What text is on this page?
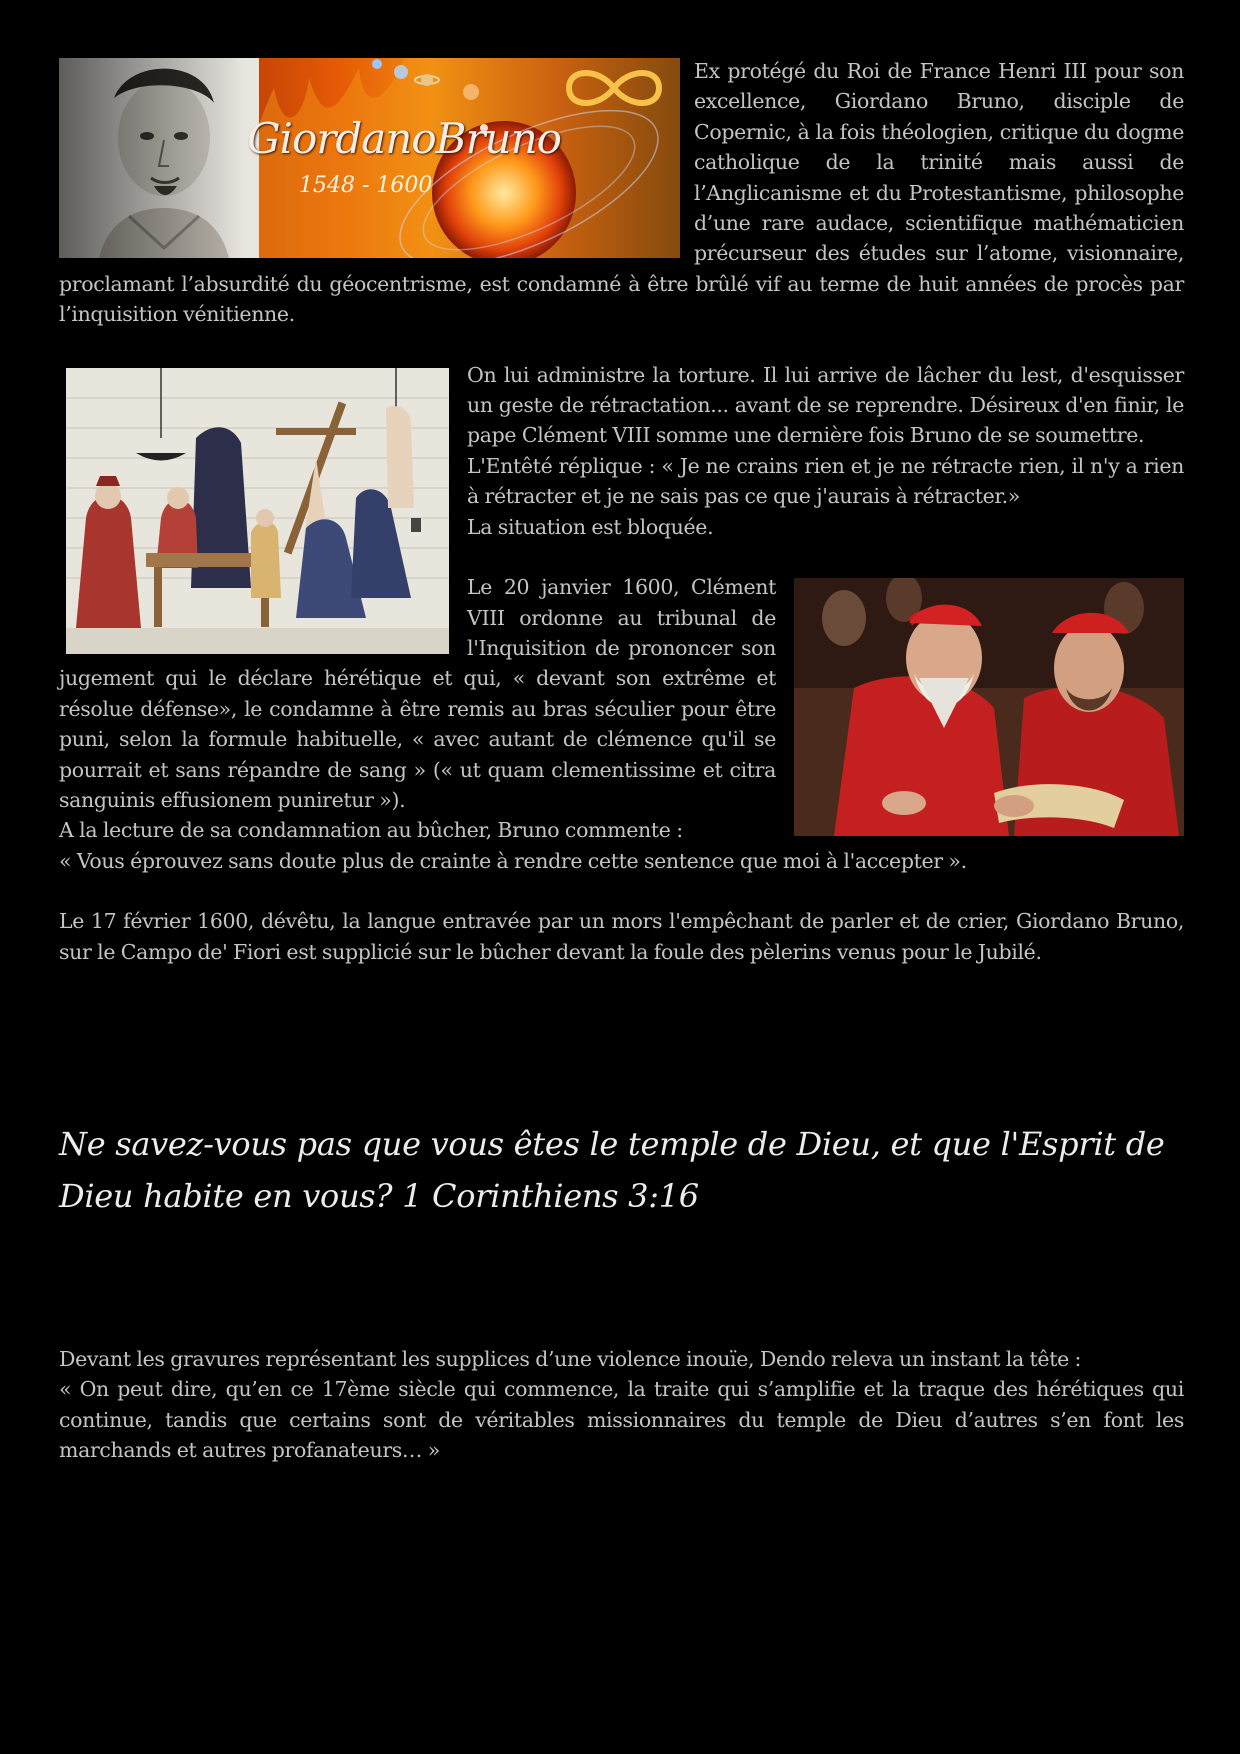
GiordanoBruno
1548 - 1600

Ex protégé du Roi de France Henri III pour son excellence, Giordano Bruno, disciple de Copernic, à la fois théologien, critique du dogme catholique de la trinité mais aussi de l’Anglicanisme et du Protestantisme, philosophe d’une rare audace, scientifique mathématicien précurseur des études sur l’atome, visionnaire, proclamant l’absurdité du géocentrisme, est condamné à être brûlé vif au terme de huit années de procès par l’inquisition vénitienne.

On lui administre la torture. Il lui arrive de lâcher du lest, d'esquisser un geste de rétractation... avant de se reprendre. Désireux d'en finir, le pape Clément VIII somme une dernière fois Bruno de se soumettre.

L'Entêté réplique : « Je ne crains rien et je ne rétracte rien, il n'y a rien à rétracter et je ne sais pas ce que j'aurais à rétracter.»

La situation est bloquée.

Le 20 janvier 1600, Clément VIII ordonne au tribunal de l'Inquisition de prononcer son jugement qui le déclare hérétique et qui, « devant son extrême et résolue défense», le condamne à être remis au bras séculier pour être puni, selon la formule habituelle, « avec autant de clémence qu'il se pourrait et sans répandre de sang » (« ut quam clementissime et citra sanguinis effusionem puniretur »).

A la lecture de sa condamnation au bûcher, Bruno commente :

« Vous éprouvez sans doute plus de crainte à rendre cette sentence que moi à l'accepter ».

Le 17 février 1600, dévêtu, la langue entravée par un mors l'empêchant de parler et de crier, Giordano Bruno, sur le Campo de' Fiori est supplicié sur le bûcher devant la foule des pèlerins venus pour le Jubilé.

Ne savez-vous pas que vous êtes le temple de Dieu, et que l'Esprit de Dieu habite en vous? 1 Corinthiens 3:16

Devant les gravures représentant les supplices d’une violence inouïe, Dendo releva un instant la tête :

« On peut dire, qu’en ce 17ème siècle qui commence, la traite qui s’amplifie et la traque des hérétiques qui continue, tandis que certains sont de véritables missionnaires du temple de Dieu d’autres s’en font les marchands et autres profanateurs… »
